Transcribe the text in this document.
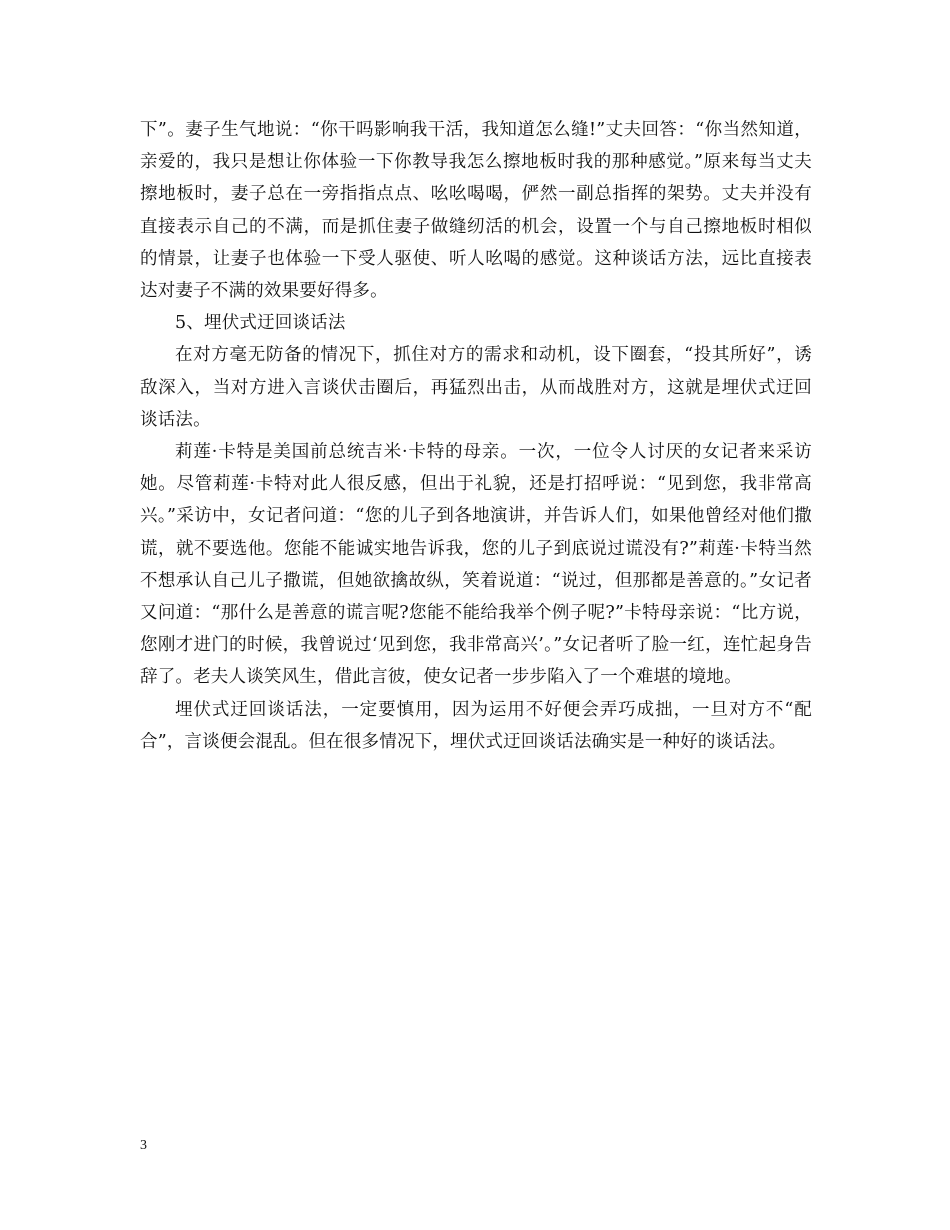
下”。妻子生气地说：“你干吗影响我干活，我知道怎么缝!”丈夫回答：“你当然知道，亲爱的，我只是想让你体验一下你教导我怎么擦地板时我的那种感觉。”原来每当丈夫擦地板时，妻子总在一旁指指点点、吆吆喝喝，俨然一副总指挥的架势。丈夫并没有直接表示自己的不满，而是抓住妻子做缝纫活的机会，设置一个与自己擦地板时相似的情景，让妻子也体验一下受人驱使、听人吆喝的感觉。这种谈话方法，远比直接表达对妻子不满的效果要好得多。

5、埋伏式迂回谈话法

在对方毫无防备的情况下，抓住对方的需求和动机，设下圈套，“投其所好”，诱敌深入，当对方进入言谈伏击圈后，再猛烈出击，从而战胜对方，这就是埋伏式迂回谈话法。

莉莲·卡特是美国前总统吉米·卡特的母亲。一次，一位令人讨厌的女记者来采访她。尽管莉莲·卡特对此人很反感，但出于礼貌，还是打招呼说：“见到您，我非常高兴。”采访中，女记者问道：“您的儿子到各地演讲，并告诉人们，如果他曾经对他们撒谎，就不要选他。您能不能诚实地告诉我，您的儿子到底说过谎没有?”莉莲·卡特当然不想承认自己儿子撒谎，但她欲擒故纵，笑着说道：“说过，但那都是善意的。”女记者又问道：“那什么是善意的谎言呢?您能不能给我举个例子呢?”卡特母亲说：“比方说，您刚才进门的时候，我曾说过‘见到您，我非常高兴’。”女记者听了脸一红，连忙起身告辞了。老夫人谈笑风生，借此言彼，使女记者一步步陷入了一个难堪的境地。

埋伏式迂回谈话法，一定要慎用，因为运用不好便会弄巧成拙，一旦对方不“配合”，言谈便会混乱。但在很多情况下，埋伏式迂回谈话法确实是一种好的谈话法。

3
